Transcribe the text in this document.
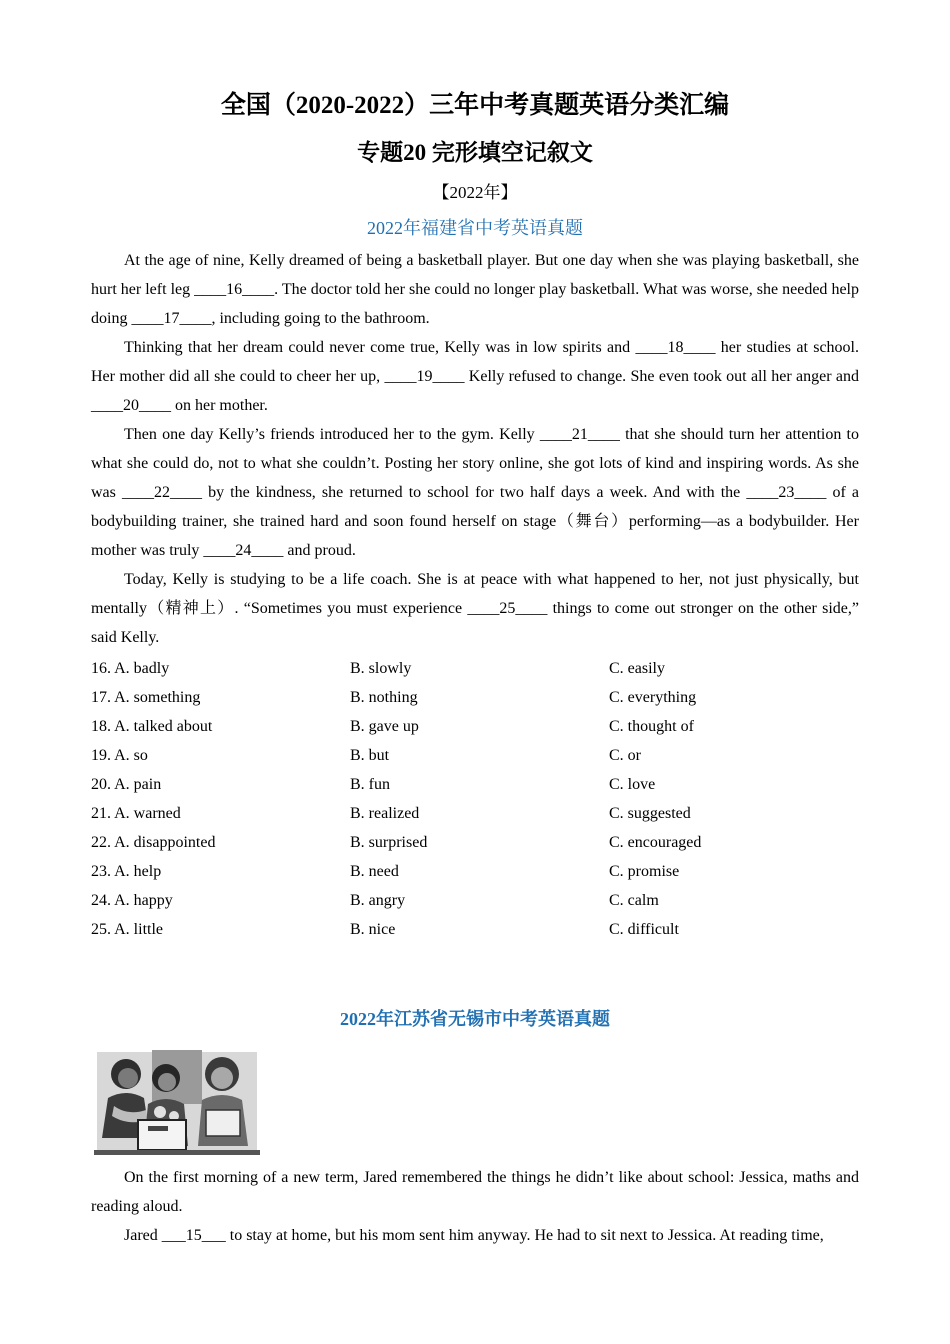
全国（2020-2022）三年中考真题英语分类汇编
专题20 完形填空记叙文
【2022年】
2022年福建省中考英语真题

At the age of nine, Kelly dreamed of being a basketball player. But one day when she was playing basketball, she hurt her left leg ____16____. The doctor told her she could no longer play basketball. What was worse, she needed help doing ____17____, including going to the bathroom.

Thinking that her dream could never come true, Kelly was in low spirits and ____18____ her studies at school. Her mother did all she could to cheer her up, ____19____ Kelly refused to change. She even took out all her anger and ____20____ on her mother.

Then one day Kelly’s friends introduced her to the gym. Kelly ____21____ that she should turn her attention to what she could do, not to what she couldn’t. Posting her story online, she got lots of kind and inspiring words. As she was ____22____ by the kindness, she returned to school for two half days a week. And with the ____23____ of a bodybuilding trainer, she trained hard and soon found herself on stage（舞台）performing—as a bodybuilder. Her mother was truly ____24____ and proud.

Today, Kelly is studying to be a life coach. She is at peace with what happened to her, not just physically, but mentally（精神上）. “Sometimes you must experience ____25____ things to come out stronger on the other side,” said Kelly.

16. A. badly	B. slowly	C. easily
17. A. something	B. nothing	C. everything
18. A. talked about	B. gave up	C. thought of
19. A. so	B. but	C. or
20. A. pain	B. fun	C. love
21. A. warned	B. realized	C. suggested
22. A. disappointed	B. surprised	C. encouraged
23. A. help	B. need	C. promise
24. A. happy	B. angry	C. calm
25. A. little	B. nice	C. difficult
2022年江苏省无锡市中考英语真题

On the first morning of a new term, Jared remembered the things he didn’t like about school: Jessica, maths and reading aloud.

Jared ___15___ to stay at home, but his mom sent him anyway. He had to sit next to Jessica. At reading time,
